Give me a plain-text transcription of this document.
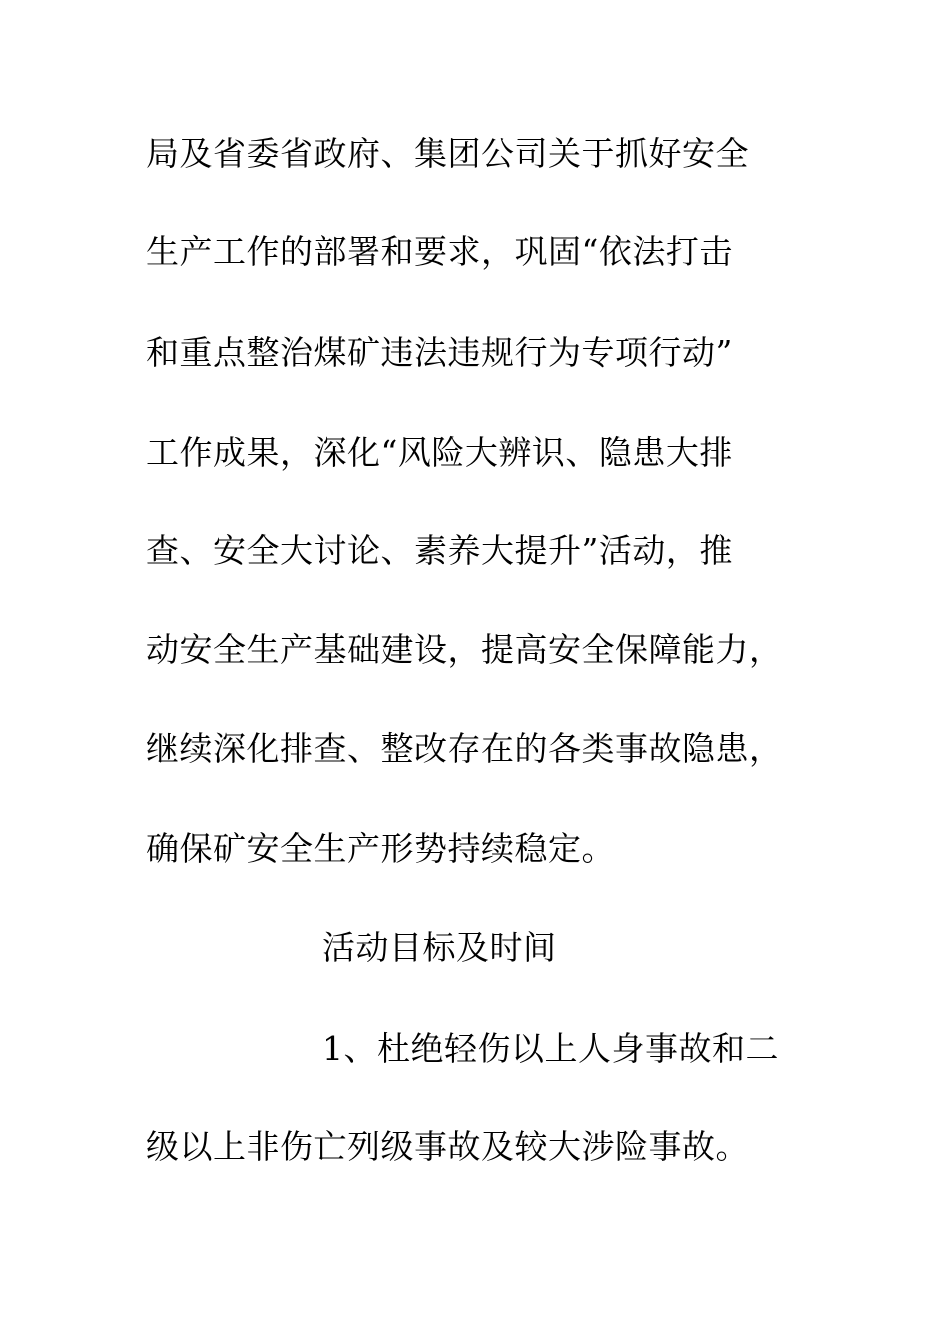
局及省委省政府、集团公司关于抓好安全
生产工作的部署和要求，巩固“依法打击
和重点整治煤矿违法违规行为专项行动”
工作成果，深化“风险大辨识、隐患大排
查、安全大讨论、素养大提升”活动，推
动安全生产基础建设，提高安全保障能力，
继续深化排查、整改存在的各类事故隐患，
确保矿安全生产形势持续稳定。
活动目标及时间
1、杜绝轻伤以上人身事故和二
级以上非伤亡列级事故及较大涉险事故。
